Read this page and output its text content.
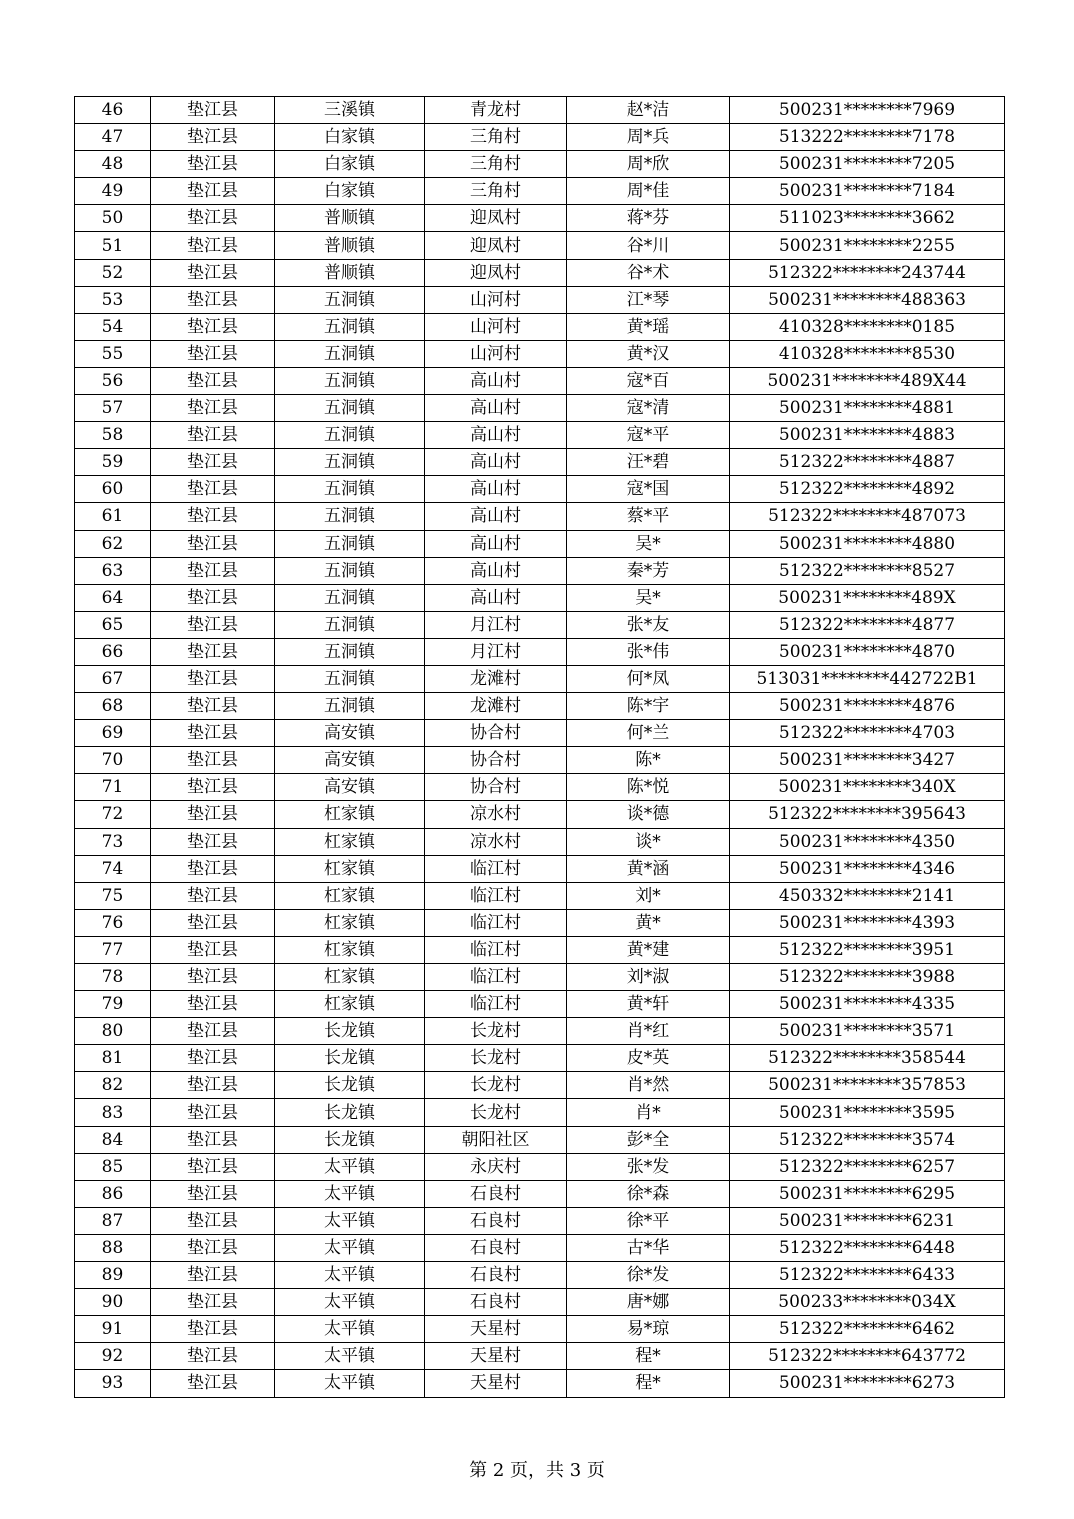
46	垫江县	三溪镇	青龙村	赵*洁	500231********7969
47	垫江县	白家镇	三角村	周*兵	513222********7178
48	垫江县	白家镇	三角村	周*欣	500231********7205
49	垫江县	白家镇	三角村	周*佳	500231********7184
50	垫江县	普顺镇	迎凤村	蒋*芬	511023********3662
51	垫江县	普顺镇	迎凤村	谷*川	500231********2255
52	垫江县	普顺镇	迎凤村	谷*术	512322********243744
53	垫江县	五洞镇	山河村	江*琴	500231********488363
54	垫江县	五洞镇	山河村	黄*瑶	410328********0185
55	垫江县	五洞镇	山河村	黄*汉	410328********8530
56	垫江县	五洞镇	高山村	寇*百	500231********489X44
57	垫江县	五洞镇	高山村	寇*清	500231********4881
58	垫江县	五洞镇	高山村	寇*平	500231********4883
59	垫江县	五洞镇	高山村	汪*碧	512322********4887
60	垫江县	五洞镇	高山村	寇*国	512322********4892
61	垫江县	五洞镇	高山村	蔡*平	512322********487073
62	垫江县	五洞镇	高山村	吴*	500231********4880
63	垫江县	五洞镇	高山村	秦*芳	512322********8527
64	垫江县	五洞镇	高山村	吴*	500231********489X
65	垫江县	五洞镇	月江村	张*友	512322********4877
66	垫江县	五洞镇	月江村	张*伟	500231********4870
67	垫江县	五洞镇	龙滩村	何*凤	513031********442722B1
68	垫江县	五洞镇	龙滩村	陈*宇	500231********4876
69	垫江县	高安镇	协合村	何*兰	512322********4703
70	垫江县	高安镇	协合村	陈*	500231********3427
71	垫江县	高安镇	协合村	陈*悦	500231********340X
72	垫江县	杠家镇	凉水村	谈*德	512322********395643
73	垫江县	杠家镇	凉水村	谈*	500231********4350
74	垫江县	杠家镇	临江村	黄*涵	500231********4346
75	垫江县	杠家镇	临江村	刘*	450332********2141
76	垫江县	杠家镇	临江村	黄*	500231********4393
77	垫江县	杠家镇	临江村	黄*建	512322********3951
78	垫江县	杠家镇	临江村	刘*淑	512322********3988
79	垫江县	杠家镇	临江村	黄*轩	500231********4335
80	垫江县	长龙镇	长龙村	肖*红	500231********3571
81	垫江县	长龙镇	长龙村	皮*英	512322********358544
82	垫江县	长龙镇	长龙村	肖*然	500231********357853
83	垫江县	长龙镇	长龙村	肖*	500231********3595
84	垫江县	长龙镇	朝阳社区	彭*全	512322********3574
85	垫江县	太平镇	永庆村	张*发	512322********6257
86	垫江县	太平镇	石良村	徐*森	500231********6295
87	垫江县	太平镇	石良村	徐*平	500231********6231
88	垫江县	太平镇	石良村	古*华	512322********6448
89	垫江县	太平镇	石良村	徐*发	512322********6433
90	垫江县	太平镇	石良村	唐*娜	500233********034X
91	垫江县	太平镇	天星村	易*琼	512322********6462
92	垫江县	太平镇	天星村	程*	512322********643772
93	垫江县	太平镇	天星村	程*	500231********6273
第 2 页，共 3 页
